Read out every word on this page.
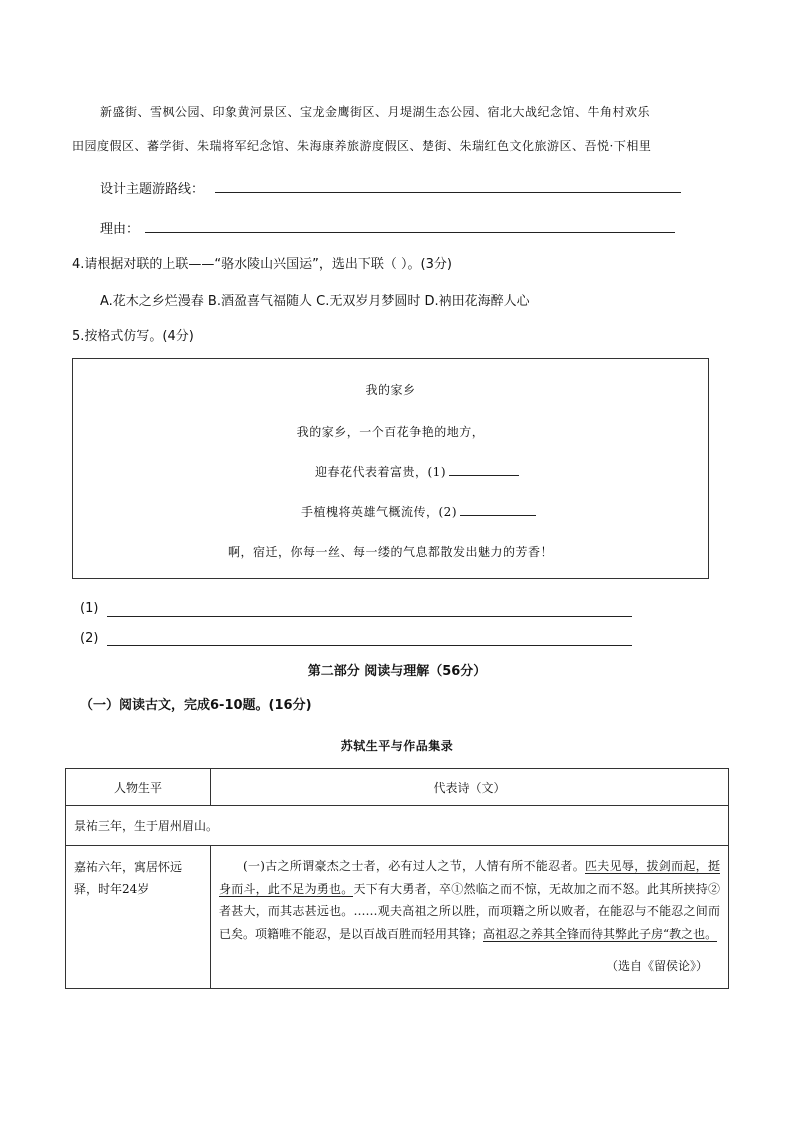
新盛街、雪枫公园、印象黄河景区、宝龙金鹰街区、月堤湖生态公园、宿北大战纪念馆、牛角村欢乐
田园度假区、蕃学街、朱瑞将军纪念馆、朱海康养旅游度假区、楚街、朱瑞红色文化旅游区、吾悦·下相里
设计主题游路线：
理由：
4.请根据对联的上联——“骆水陵山兴国运”，选出下联（ ）。(3分)
A.花木之乡烂漫春 B.酒盈喜气福随人 C.无双岁月梦圆时 D.衲田花海醉人心
5.按格式仿写。(4分)
我的家乡
我的家乡，一个百花争艳的地方，
迎春花代表着富贵，(1)
手植槐将英雄气概流传，(2)
啊，宿迁，你每一丝、每一缕的气息都散发出魅力的芳香！
(1)
(2)
第二部分 阅读与理解（56分）
（一）阅读古文，完成6-10题。(16分)
苏轼生平与作品集录
人物生平	代表诗（文）
景祐三年，生于眉州眉山。	
嘉祐六年，寓居怀远驿，时年24岁	(一)古之所谓豪杰之士者，必有过人之节，人情有所不能忍者。匹夫见辱，拔剑而起，挺身而斗，此不足为勇也。天下有大勇者，卒①然临之而不惊，无故加之而不怒。此其所挟持②者甚大，而其志甚远也。……观夫高祖之所以胜，而项籍之所以败者，在能忍与不能忍之间而已矣。项籍唯不能忍，是以百战百胜而轻用其锋；高祖忍之养其全锋而待其弊此子房“教之也。
（选自《留侯论》）
